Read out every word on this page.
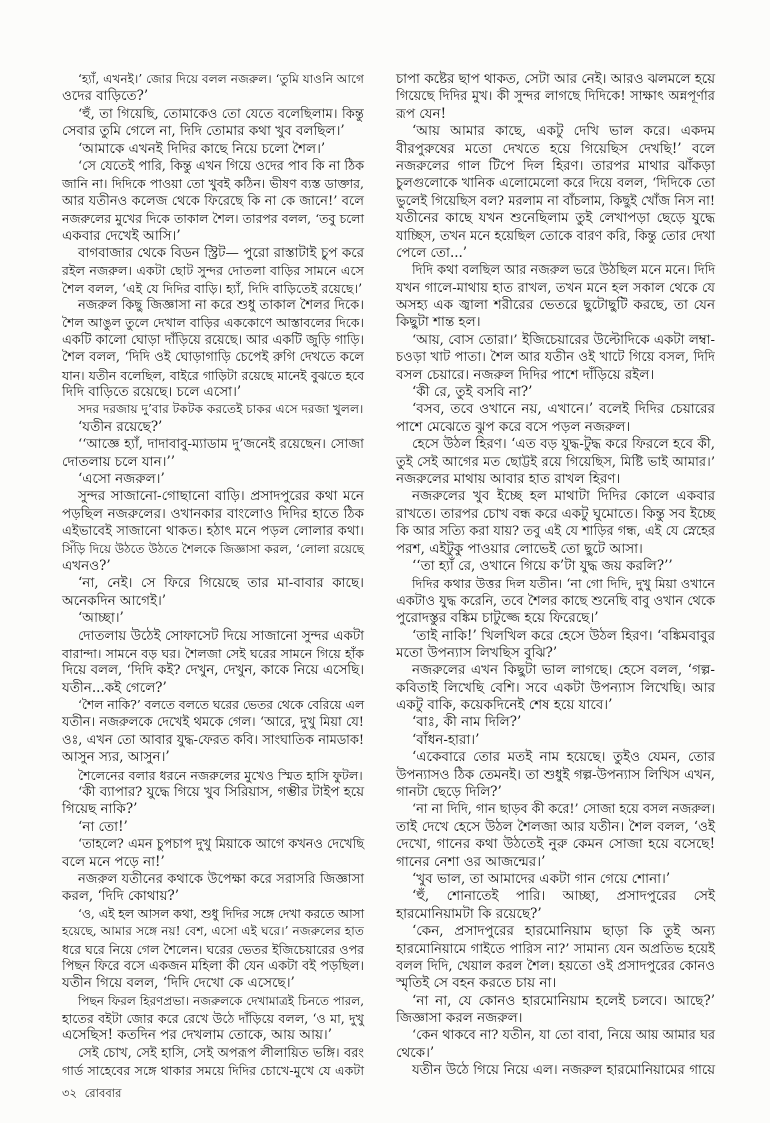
‘হ্যাঁ, এখনই।’ জোর দিয়ে বলল নজরুল। ‘তুমি যাওনি আগে
ওদের বাড়িতে?’
‘হুঁ, তা গিয়েছি, তোমাকেও তো যেতে বলেছিলাম। কিন্তু
সেবার তুমি গেলে না, দিদি তোমার কথা খুব বলছিল।’
‘আমাকে এখনই দিদির কাছে নিয়ে চলো শৈল।’
‘সে যেতেই পারি, কিন্তু এখন গিয়ে ওদের পাব কি না ঠিক
জানি না। দিদিকে পাওয়া তো খুবই কঠিন। ভীষণ ব্যস্ত ডাক্তার,
আর যতীনও কলেজ থেকে ফিরেছে কি না কে জানে!’ বলে
নজরুলের মুখের দিকে তাকাল শৈল। তারপর বলল, ‘তবু চলো
একবার দেখেই আসি।’
বাগবাজার থেকে বিডন স্ট্রিট— পুরো রাস্তাটাই চুপ করে
রইল নজরুল। একটা ছোট সুন্দর দোতলা বাড়ির সামনে এসে
শৈল বলল, ‘এই যে দিদির বাড়ি। হ্যাঁ, দিদি বাড়িতেই রয়েছে।’
নজরুল কিছু জিজ্ঞাসা না করে শুধু তাকাল শৈলর দিকে।
শৈল আঙুল তুলে দেখাল বাড়ির এককোণে আস্তাবলের দিকে।
একটি কালো ঘোড়া দাঁড়িয়ে রয়েছে। আর একটি জুড়ি গাড়ি।
শৈল বলল, ‘দিদি ওই ঘোড়াগাড়ি চেপেই রুগি দেখতে কলে
যান। যতীন বলেছিল, বাইরে গাড়িটা রয়েছে মানেই বুঝতে হবে
দিদি বাড়িতে রয়েছে। চলে এসো।’
সদর দরজায় দু’বার টকটক করতেই চাকর এসে দরজা খুলল।
‘যতীন রয়েছে?’
‘‘আজ্ঞে হ্যাঁ, দাদাবাবু-ম্যাডাম দু’জনেই রয়েছেন। সোজা
দোতলায় চলে যান।’’
‘এসো নজরুল।’
সুন্দর সাজানো-গোছানো বাড়ি। প্রসাদপুরের কথা মনে
পড়ছিল নজরুলের। ওখানকার বাংলোও দিদির হাতে ঠিক
এইভাবেই সাজানো থাকত। হঠাৎ মনে পড়ল লোলার কথা।
সিঁড়ি দিয়ে উঠতে উঠতে শৈলকে জিজ্ঞাসা করল, ‘লোলা রয়েছে
এখনও?’
‘না, নেই। সে ফিরে গিয়েছে তার মা-বাবার কাছে।
অনেকদিন আগেই।’
‘আচ্ছা।’
দোতলায় উঠেই সোফাসেট দিয়ে সাজানো সুন্দর একটা
বারান্দা। সামনে বড় ঘর। শৈলজা সেই ঘরের সামনে গিয়ে হাঁক
দিয়ে বলল, ‘দিদি কই? দেখুন, দেখুন, কাকে নিয়ে এসেছি।
যতীন...কই গেলে?’
‘শৈল নাকি?’ বলতে বলতে ঘরের ভেতর থেকে বেরিয়ে এল
যতীন। নজরুলকে দেখেই থমকে গেল। ‘আরে, দুখু মিয়া যে!
ওঃ, এখন তো আবার যুদ্ধ-ফেরত কবি। সাংঘাতিক নামডাক!
আসুন স্যর, আসুন।’
শৈলেনের বলার ধরনে নজরুলের মুখেও স্মিত হাসি ফুটল।
‘কী ব্যাপার? যুদ্ধে গিয়ে খুব সিরিয়াস, গম্ভীর টাইপ হয়ে
গিয়েছ নাকি?’
‘না তো!’
‘তাহলে? এমন চুপচাপ দুখু মিয়াকে আগে কখনও দেখেছি
বলে মনে পড়ে না!’
নজরুল যতীনের কথাকে উপেক্ষা করে সরাসরি জিজ্ঞাসা
করল, ‘দিদি কোথায়?’
‘ও, এই হল আসল কথা, শুধু দিদির সঙ্গে দেখা করতে আসা
হয়েছে, আমার সঙ্গে নয়! বেশ, এসো এই ঘরে।’ নজরুলের হাত
ধরে ঘরে নিয়ে গেল শৈলেন। ঘরের ভেতর ইজিচেয়ারের ওপর
পিছন ফিরে বসে একজন মহিলা কী যেন একটা বই পড়ছিল।
যতীন গিয়ে বলল, ‘দিদি দেখো কে এসেছে।’
পিছন ফিরল হিরণপ্রভা। নজরুলকে দেখামাত্রই চিনতে পারল,
হাতের বইটা জোর করে রেখে উঠে দাঁড়িয়ে বলল, ‘ও মা, দুখু
এসেছিস! কতদিন পর দেখলাম তোকে, আয় আয়।’
সেই চোখ, সেই হাসি, সেই অপরূপ লীলায়িত ভঙ্গি। বরং
গার্ড সাহেবের সঙ্গে থাকার সময়ে দিদির চোখে-মুখে যে একটা
চাপা কষ্টের ছাপ থাকত, সেটা আর নেই। আরও ঝলমলে হয়ে
গিয়েছে দিদির মুখ। কী সুন্দর লাগছে দিদিকে! সাক্ষাৎ অন্নপূর্ণার
রূপ যেন!
‘আয় আমার কাছে, একটু দেখি ভাল করে। একদম
বীরপুরুষের মতো দেখতে হয়ে গিয়েছিস দেখছি!’ বলে
নজরুলের গাল টিপে দিল হিরণ। তারপর মাথার ঝাঁকড়া
চুলগুলোকে খানিক এলোমেলো করে দিয়ে বলল, ‘দিদিকে তো
ভুলেই গিয়েছিস বল? মরলাম না বাঁচলাম, কিছুই খোঁজ নিস না!
যতীনের কাছে যখন শুনেছিলাম তুই লেখাপড়া ছেড়ে যুদ্ধে
যাচ্ছিস, তখন মনে হয়েছিল তোকে বারণ করি, কিন্তু তোর দেখা
পেলে তো...’
দিদি কথা বলছিল আর নজরুল ভরে উঠছিল মনে মনে। দিদি
যখন গালে-মাথায় হাত রাখল, তখন মনে হল সকাল থেকে যে
অসহ্য এক জ্বালা শরীরের ভেতরে ছুটোছুটি করছে, তা যেন
কিছুটা শান্ত হল।
‘আয়, বোস তোরা।’ ইজিচেয়ারের উল্টোদিকে একটা লম্বা-
চওড়া খাট পাতা। শৈল আর যতীন ওই খাটে গিয়ে বসল, দিদি
বসল চেয়ারে। নজরুল দিদির পাশে দাঁড়িয়ে রইল।
‘কী রে, তুই বসবি না?’
‘বসব, তবে ওখানে নয়, এখানে।’ বলেই দিদির চেয়ারের
পাশে মেঝেতে ঝুপ করে বসে পড়ল নজরুল।
হেসে উঠল হিরণ। ‘এত বড় যুদ্ধ-টুদ্ধ করে ফিরলে হবে কী,
তুই সেই আগের মত ছোট্টই রয়ে গিয়েছিস, মিষ্টি ভাই আমার।’
নজরুলের মাথায় আবার হাত রাখল হিরণ।
নজরুলের খুব ইচ্ছে হল মাথাটা দিদির কোলে একবার
রাখতে। তারপর চোখ বন্ধ করে একটু ঘুমোতে। কিন্তু সব ইচ্ছে
কি আর সত্যি করা যায়? তবু এই যে শাড়ির গন্ধ, এই যে স্নেহের
পরশ, এইটুকু পাওয়ার লোভেই তো ছুটে আসা।
‘‘তা হ্যাঁ রে, ওখানে গিয়ে ক’টা যুদ্ধ জয় করলি?’’
দিদির কথার উত্তর দিল যতীন। ‘না গো দিদি, দুখু মিয়া ওখানে
একটাও যুদ্ধ করেনি, তবে শৈলর কাছে শুনেছি বাবু ওখান থেকে
পুরোদস্তুর বঙ্কিম চাটুজ্জে হয়ে ফিরেছে।’
‘তাই নাকি!’ খিলখিল করে হেসে উঠল হিরণ। ‘বঙ্কিমবাবুর
মতো উপন্যাস লিখছিস বুঝি?’
নজরুলের এখন কিছুটা ভাল লাগছে। হেসে বলল, ‘গল্প-
কবিতাই লিখেছি বেশি। সবে একটা উপন্যাস লিখেছি। আর
একটু বাকি, কয়েকদিনেই শেষ হয়ে যাবে।’
‘বাঃ, কী নাম দিলি?’
‘বাঁধন-হারা।’
‘একেবারে তোর মতই নাম হয়েছে। তুইও যেমন, তোর
উপন্যাসও ঠিক তেমনই। তা শুধুই গল্প-উপন্যাস লিখিস এখন,
গানটা ছেড়ে দিলি?’
‘না না দিদি, গান ছাড়ব কী করে!’ সোজা হয়ে বসল নজরুল।
তাই দেখে হেসে উঠল শৈলজা আর যতীন। শৈল বলল, ‘ওই
দেখো, গানের কথা উঠতেই নুরু কেমন সোজা হয়ে বসেছে!
গানের নেশা ওর আজন্মের।’
‘খুব ভাল, তা আমাদের একটা গান গেয়ে শোনা।’
‘হুঁ, শোনাতেই পারি। আচ্ছা, প্রসাদপুরের সেই
হারমোনিয়ামটা কি রয়েছে?’
‘কেন, প্রসাদপুরের হারমোনিয়াম ছাড়া কি তুই অন্য
হারমোনিয়ামে গাইতে পারিস না?’ সামান্য যেন অপ্রতিভ হয়েই
বলল দিদি, খেয়াল করল শৈল। হয়তো ওই প্রসাদপুরের কোনও
স্মৃতিই সে বহন করতে চায় না।
‘না না, যে কোনও হারমোনিয়াম হলেই চলবে। আছে?’
জিজ্ঞাসা করল নজরুল।
‘কেন থাকবে না? যতীন, যা তো বাবা, নিয়ে আয় আমার ঘর
থেকে।’
যতীন উঠে গিয়ে নিয়ে এল। নজরুল হারমোনিয়ামের গায়ে
৩২ রোববার
